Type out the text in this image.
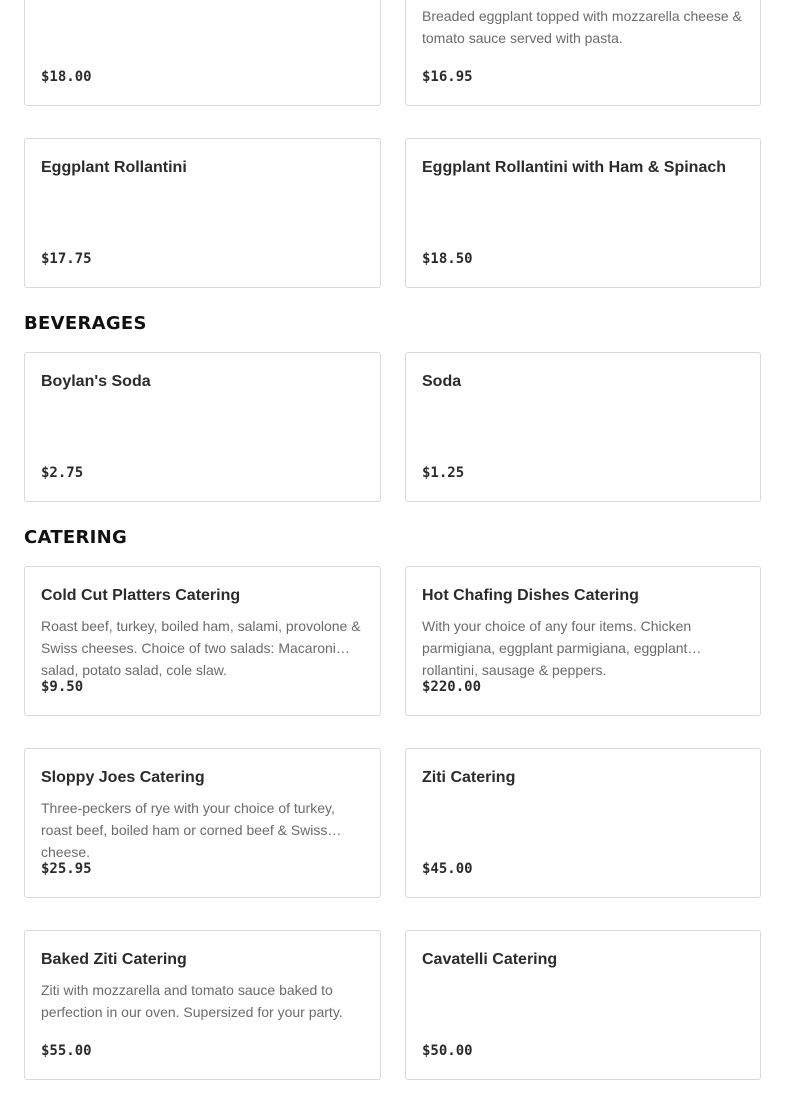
$18.00
Breaded eggplant topped with mozzarella cheese & tomato sauce served with pasta.
$16.95
Eggplant Rollantini
$17.75
Eggplant Rollantini with Ham & Spinach
$18.50
BEVERAGES
Boylan's Soda
$2.75
Soda
$1.25
CATERING
Cold Cut Platters Catering
Roast beef, turkey, boiled ham, salami, provolone & Swiss cheeses. Choice of two salads: Macaroni salad, potato salad, cole slaw.
$9.50
Hot Chafing Dishes Catering
With your choice of any four items. Chicken parmigiana, eggplant parmigiana, eggplant rollantini, sausage & peppers.
$220.00
Sloppy Joes Catering
Three-peckers of rye with your choice of turkey, roast beef, boiled ham or corned beef & Swiss cheese.
$25.95
Ziti Catering
$45.00
Baked Ziti Catering
Ziti with mozzarella and tomato sauce baked to perfection in our oven. Supersized for your party.
$55.00
Cavatelli Catering
$50.00
